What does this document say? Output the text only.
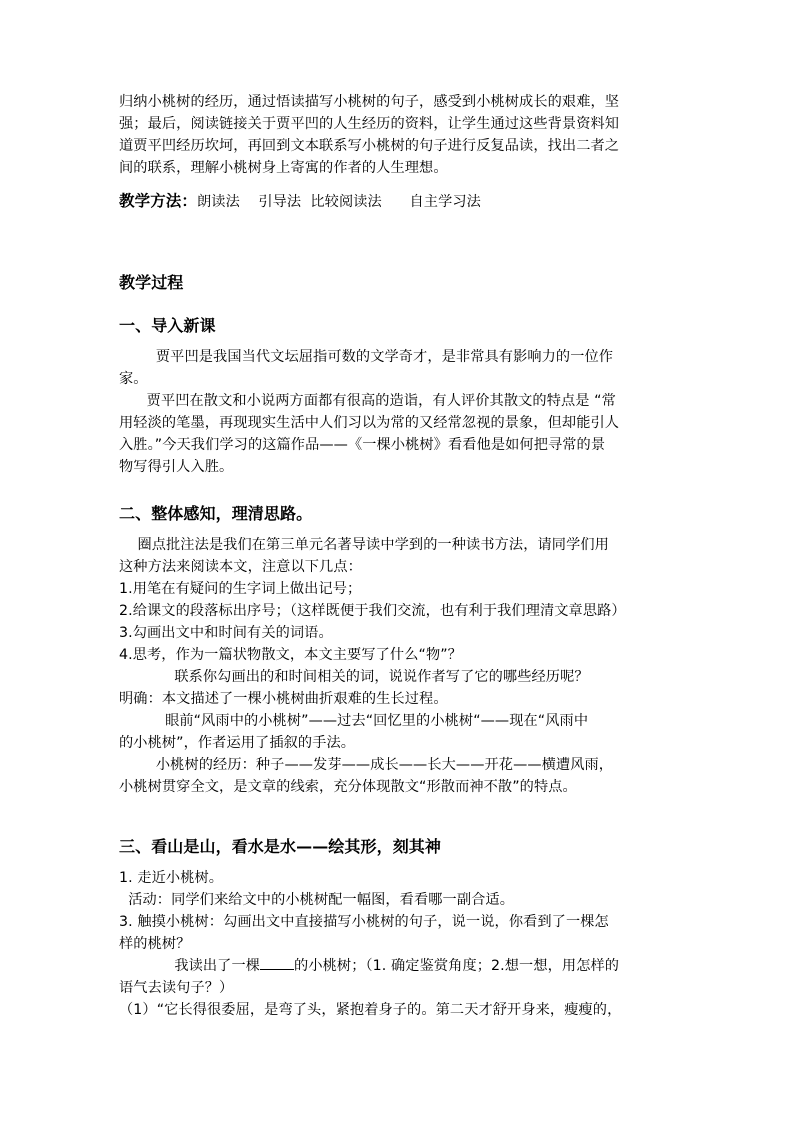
归纳小桃树的经历，通过悟读描写小桃树的句子，感受到小桃树成长的艰难，坚
强；最后，阅读链接关于贾平凹的人生经历的资料，让学生通过这些背景资料知
道贾平凹经历坎坷，再回到文本联系写小桃树的句子进行反复品读，找出二者之
间的联系，理解小桃树身上寄寓的作者的人生理想。
教学方法：朗读法    引导法  比较阅读法      自主学习法
教学过程
一、导入新课
贾平凹是我国当代文坛屈指可数的文学奇才，是非常具有影响力的一位作
家。
贾平凹在散文和小说两方面都有很高的造诣，有人评价其散文的特点是 “常
用轻淡的笔墨，再现现实生活中人们习以为常的又经常忽视的景象，但却能引人
入胜。”今天我们学习的这篇作品——《一棵小桃树》看看他是如何把寻常的景
物写得引人入胜。
二、整体感知，理清思路。
圈点批注法是我们在第三单元名著导读中学到的一种读书方法，请同学们用
这种方法来阅读本文，注意以下几点：
1.用笔在有疑问的生字词上做出记号；
2.给课文的段落标出序号；（这样既便于我们交流，也有利于我们理清文章思路）
3.勾画出文中和时间有关的词语。
4.思考，作为一篇状物散文，本文主要写了什么“物”？
联系你勾画出的和时间相关的词，说说作者写了它的哪些经历呢？
明确：本文描述了一棵小桃树曲折艰难的生长过程。
眼前“风雨中的小桃树”——过去“回忆里的小桃树“——现在“风雨中
的小桃树”，作者运用了插叙的手法。
小桃树的经历：种子——发芽——成长——长大——开花——横遭风雨，
小桃树贯穿全文，是文章的线索，充分体现散文“形散而神不散”的特点。
三、看山是山，看水是水——绘其形，刻其神
1. 走近小桃树。
活动：同学们来给文中的小桃树配一幅图，看看哪一副合适。
3. 触摸小桃树：勾画出文中直接描写小桃树的句子，说一说，你看到了一棵怎
样的桃树？
我读出了一棵 的小桃树；（1. 确定鉴赏角度；2.想一想，用怎样的
语气去读句子？）
（1）“它长得很委屈，是弯了头，紧抱着身子的。第二天才舒开身来，瘦瘦的，
